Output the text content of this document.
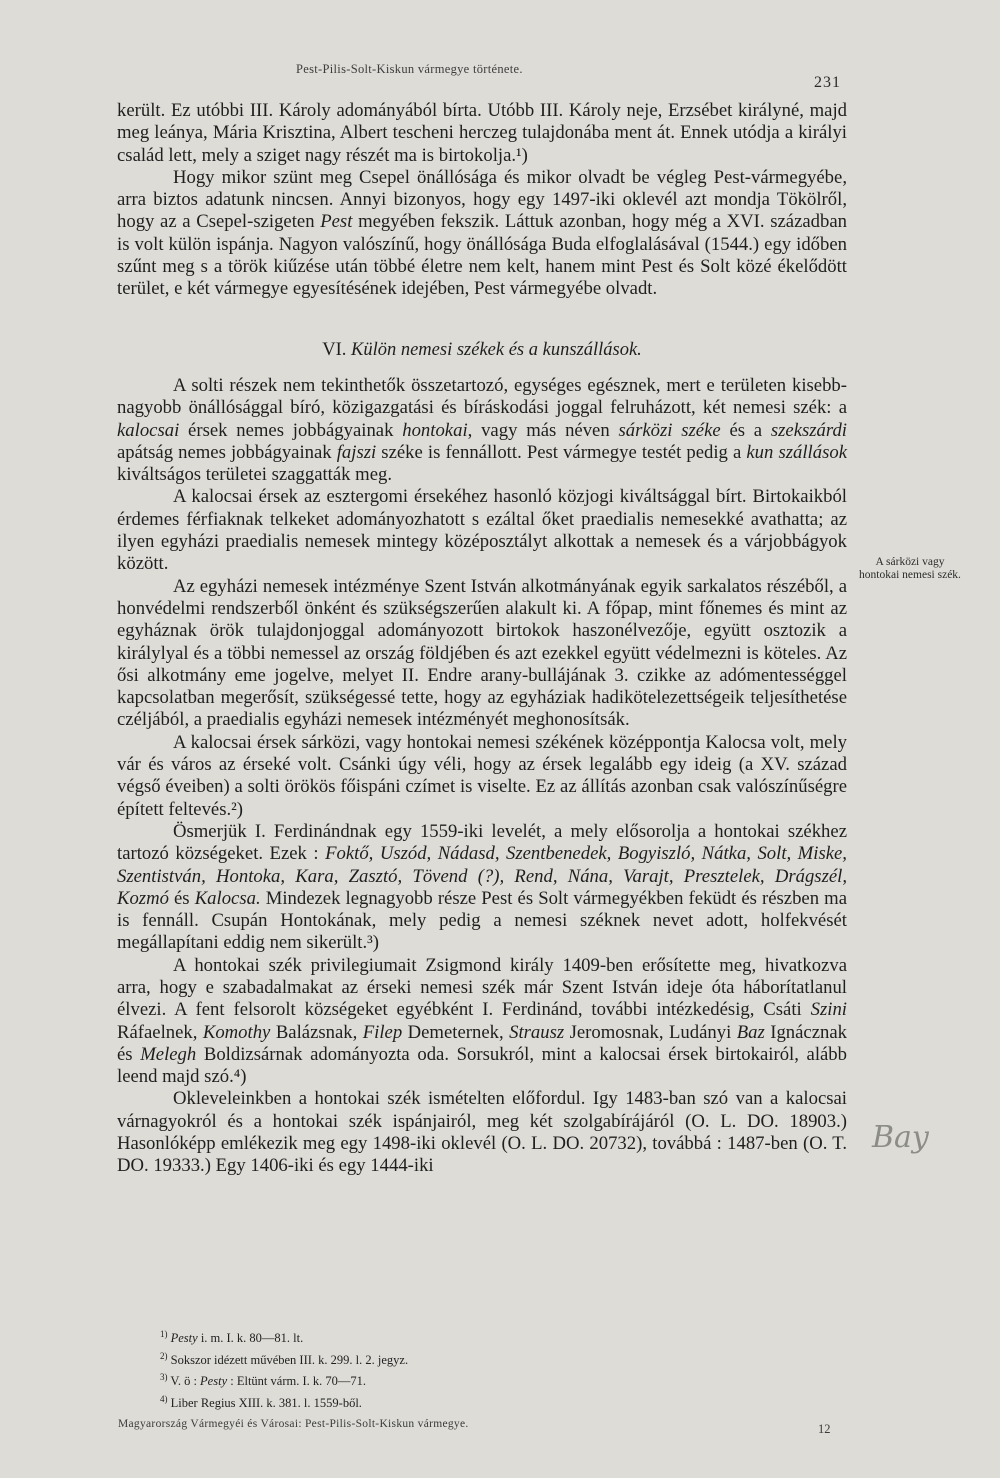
Pest-Pilis-Solt-Kiskun vármegye története.
231

került. Ez utóbbi III. Károly adományából bírta. Utóbb III. Károly neje, Erzsébet királyné, majd meg leánya, Mária Krisztina, Albert tescheni herczeg tulajdonába ment át. Ennek utódja a királyi család lett, mely a sziget nagy részét ma is birtokolja.¹)

Hogy mikor szünt meg Csepel önállósága és mikor olvadt be végleg Pest-vármegyébe, arra biztos adatunk nincsen. Annyi bizonyos, hogy egy 1497-iki oklevél azt mondja Tökölről, hogy az a Csepel-szigeten Pest megyében fekszik. Láttuk azonban, hogy még a XVI. században is volt külön ispánja. Nagyon valószínű, hogy önállósága Buda elfoglalásával (1544.) egy időben szűnt meg s a török kiűzése után többé életre nem kelt, hanem mint Pest és Solt közé ékelődött terület, e két vármegye egyesítésének idejében, Pest vármegyébe olvadt.

VI. Külön nemesi székek és a kunszállások.

A solti részek nem tekinthetők összetartozó, egységes egésznek, mert e területen kisebb-nagyobb önállósággal bíró, közigazgatási és bíráskodási joggal felruházott, két nemesi szék: a kalocsai érsek nemes jobbágyainak hontokai, vagy más néven sárközi széke és a szekszárdi apátság nemes jobbágyainak fajszi széke is fennállott. Pest vármegye testét pedig a kun szállások kiváltságos területei szaggatták meg.

A kalocsai érsek az esztergomi érsekéhez hasonló közjogi kiváltsággal bírt. Birtokaikból érdemes férfiaknak telkeket adományozhatott s ezáltal őket praedialis nemesekké avathatta; az ilyen egyházi praedialis nemesek mintegy középosztályt alkottak a nemesek és a várjobbágyok között.

Az egyházi nemesek intézménye Szent István alkotmányának egyik sarkalatos részéből, a honvédelmi rendszerből önként és szükségszerűen alakult ki. A főpap, mint főnemes és mint az egyháznak örök tulajdonjoggal adományozott birtokok haszonélvezője, együtt osztozik a királylyal és a többi nemessel az ország földjében és azt ezekkel együtt védelmezni is köteles. Az ősi alkotmány eme jogelve, melyet II. Endre arany-bullájának 3. czikke az adómentességgel kapcsolatban megerősít, szükségessé tette, hogy az egyháziak hadikötelezettségeik teljesíthetése czéljából, a praedialis egyházi nemesek intézményét meghonosítsák.

A kalocsai érsek sárközi, vagy hontokai nemesi székének középpontja Kalocsa volt, mely vár és város az érseké volt. Csánki úgy véli, hogy az érsek legalább egy ideig (a XV. század végső éveiben) a solti örökös főispáni czímet is viselte. Ez az állítás azonban csak valószínűségre épített feltevés.²)

Ösmerjük I. Ferdinándnak egy 1559-iki levelét, a mely elősorolja a hontokai székhez tartozó községeket. Ezek : Foktő, Uszód, Nádasd, Szentbenedek, Bogyiszló, Nátka, Solt, Miske, Szentistván, Hontoka, Kara, Zasztó, Tövend (?), Rend, Nána, Varajt, Presztelek, Drágszél, Kozmó és Kalocsa. Mindezek legnagyobb része Pest és Solt vármegyékben feküdt és részben ma is fennáll. Csupán Hontokának, mely pedig a nemesi széknek nevet adott, holfekvését megállapítani eddig nem sikerült.³)

A hontokai szék privilegiumait Zsigmond király 1409-ben erősítette meg, hivatkozva arra, hogy e szabadalmakat az érseki nemesi szék már Szent István ideje óta háborítatlanul élvezi. A fent felsorolt községeket egyébként I. Ferdinánd, további intézkedésig, Csáti Szini Ráfaelnek, Komothy Balázsnak, Filep Demeternek, Strausz Jeromosnak, Ludányi Baz Ignácznak és Melegh Boldizsárnak adományozta oda. Sorsukról, mint a kalocsai érsek birtokairól, alább leend majd szó.⁴)

Okleveleinkben a hontokai szék ismételten előfordul. Igy 1483-ban szó van a kalocsai várnagyokról és a hontokai szék ispánjairól, meg két szolgabírájáról (O. L. DO. 18903.) Hasonlóképp emlékezik meg egy 1498-iki oklevél (O. L. DO. 20732), továbbá : 1487-ben (O. T. DO. 19333.) Egy 1406-iki és egy 1444-iki

A sárközi vagy hontokai nemesi szék.
Bay
$^{1)}$ Pesty i. m. I. k. 80—81. lt.
$^{2)}$ Sokszor idézett művében III. k. 299. l. 2. jegyz.
$^{3)}$ V. ö : Pesty : Eltünt várm. I. k. 70—71.
$^{4)}$ Liber Regius XIII. k. 381. l. 1559-ből.
Magyarország Vármegyéi és Városai: Pest-Pilis-Solt-Kiskun vármegye.	12
